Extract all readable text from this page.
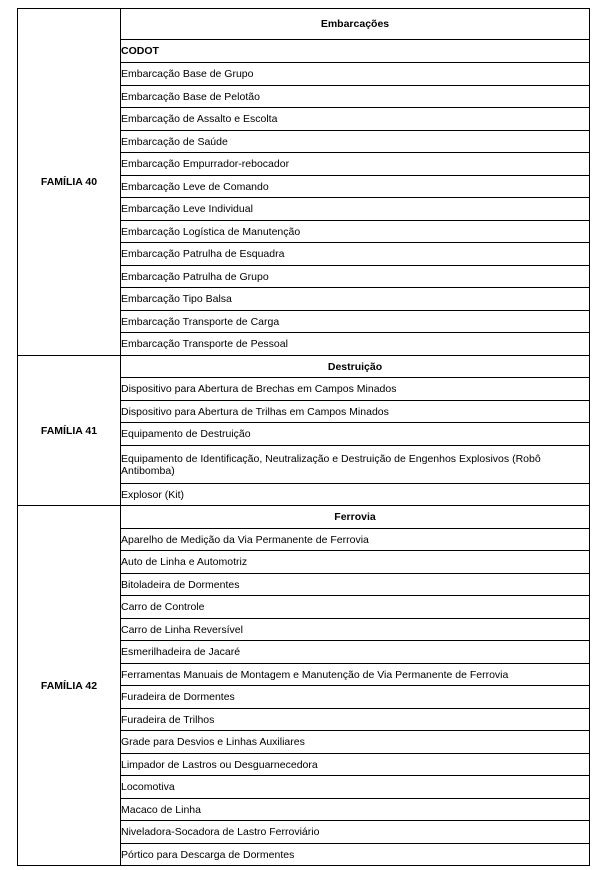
FAMÍLIA 40	Embarcações
	CODOT
	Embarcação Base de Grupo
	Embarcação Base de Pelotão
	Embarcação de Assalto e Escolta
	Embarcação de Saúde
	Embarcação Empurrador-rebocador
	Embarcação Leve de Comando
	Embarcação Leve Individual
	Embarcação Logística de Manutenção
	Embarcação Patrulha de Esquadra
	Embarcação Patrulha de Grupo
	Embarcação Tipo Balsa
	Embarcação Transporte de Carga
	Embarcação Transporte de Pessoal
FAMÍLIA 41	Destruição
	Dispositivo para Abertura de Brechas em Campos Minados
	Dispositivo para Abertura de Trilhas em Campos Minados
	Equipamento de Destruição
	Equipamento de Identificação, Neutralização e Destruição de Engenhos Explosivos (Robô Antibomba)
	Explosor (Kit)
FAMÍLIA 42	Ferrovia
	Aparelho de Medição da Via Permanente de Ferrovia
	Auto de Linha e Automotriz
	Bitoladeira de Dormentes
	Carro de Controle
	Carro de Linha Reversível
	Esmerilhadeira de Jacaré
	Ferramentas Manuais de Montagem e Manutenção de Via Permanente de Ferrovia
	Furadeira de Dormentes
	Furadeira de Trilhos
	Grade para Desvios e Linhas Auxiliares
	Limpador de Lastros ou Desguarnecedora
	Locomotiva
	Macaco de Linha
	Niveladora-Socadora de Lastro Ferroviário
	Pórtico para Descarga de Dormentes
